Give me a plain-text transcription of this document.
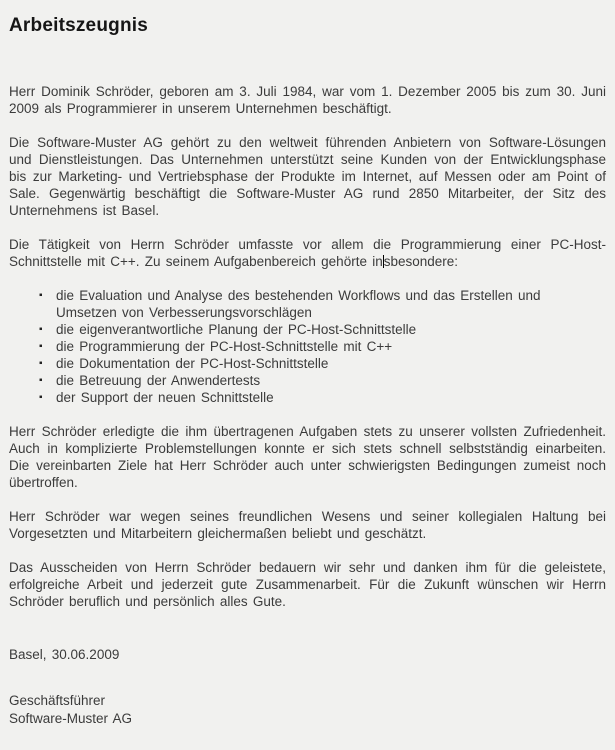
Arbeitszeugnis

Herr Dominik Schröder, geboren am 3. Juli 1984, war vom 1. Dezember 2005 bis zum 30. Juni 2009 als Programmierer in unserem Unternehmen beschäftigt.

Die Software-Muster AG gehört zu den weltweit führenden Anbietern von Software-Lösungen und Dienstleistungen. Das Unternehmen unterstützt seine Kunden von der Entwicklungsphase bis zur Marketing- und Vertriebsphase der Produkte im Internet, auf Messen oder am Point of Sale. Gegenwärtig beschäftigt die Software-Muster AG rund 2850 Mitarbeiter, der Sitz des Unternehmens ist Basel.

Die Tätigkeit von Herrn Schröder umfasste vor allem die Programmierung einer PC-Host-Schnittstelle mit C++. Zu seinem Aufgabenbereich gehörte insbesondere:

▪ die Evaluation und Analyse des bestehenden Workflows und das Erstellen und Umsetzen von Verbesserungsvorschlägen
▪ die eigenverantwortliche Planung der PC-Host-Schnittstelle
▪ die Programmierung der PC-Host-Schnittstelle mit C++
▪ die Dokumentation der PC-Host-Schnittstelle
▪ die Betreuung der Anwendertests
▪ der Support der neuen Schnittstelle

Herr Schröder erledigte die ihm übertragenen Aufgaben stets zu unserer vollsten Zufriedenheit. Auch in komplizierte Problemstellungen konnte er sich stets schnell selbstständig einarbeiten. Die vereinbarten Ziele hat Herr Schröder auch unter schwierigsten Bedingungen zumeist noch übertroffen.

Herr Schröder war wegen seines freundlichen Wesens und seiner kollegialen Haltung bei Vorgesetzten und Mitarbeitern gleichermaßen beliebt und geschätzt.

Das Ausscheiden von Herrn Schröder bedauern wir sehr und danken ihm für die geleistete, erfolgreiche Arbeit und jederzeit gute Zusammenarbeit. Für die Zukunft wünschen wir Herrn Schröder beruflich und persönlich alles Gute.

Basel, 30.06.2009

Geschäftsführer
Software-Muster AG
